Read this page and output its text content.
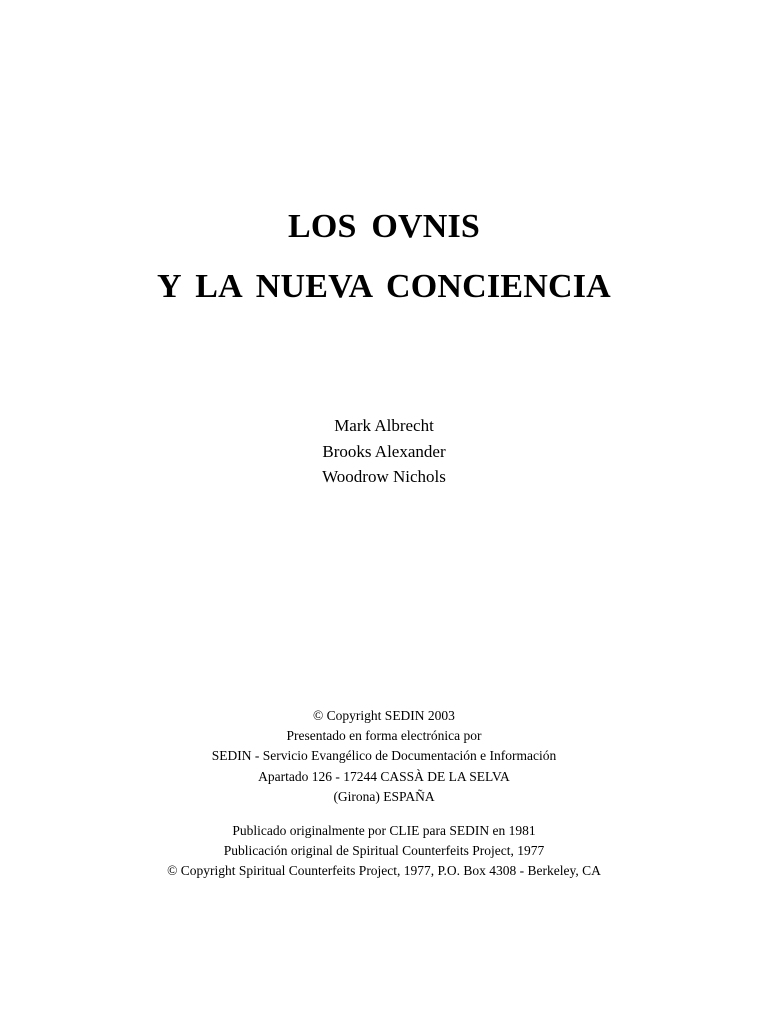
LOS OVNIS
Y LA NUEVA CONCIENCIA
Mark Albrecht
Brooks Alexander
Woodrow Nichols
© Copyright SEDIN 2003
Presentado en forma electrónica por
SEDIN - Servicio Evangélico de Documentación e Información
Apartado 126 - 17244 CASSÀ DE LA SELVA
(Girona) ESPAÑA
Publicado originalmente por CLIE para SEDIN en 1981
Publicación original de Spiritual Counterfeits Project, 1977
© Copyright Spiritual Counterfeits Project, 1977, P.O. Box 4308 - Berkeley, CA
